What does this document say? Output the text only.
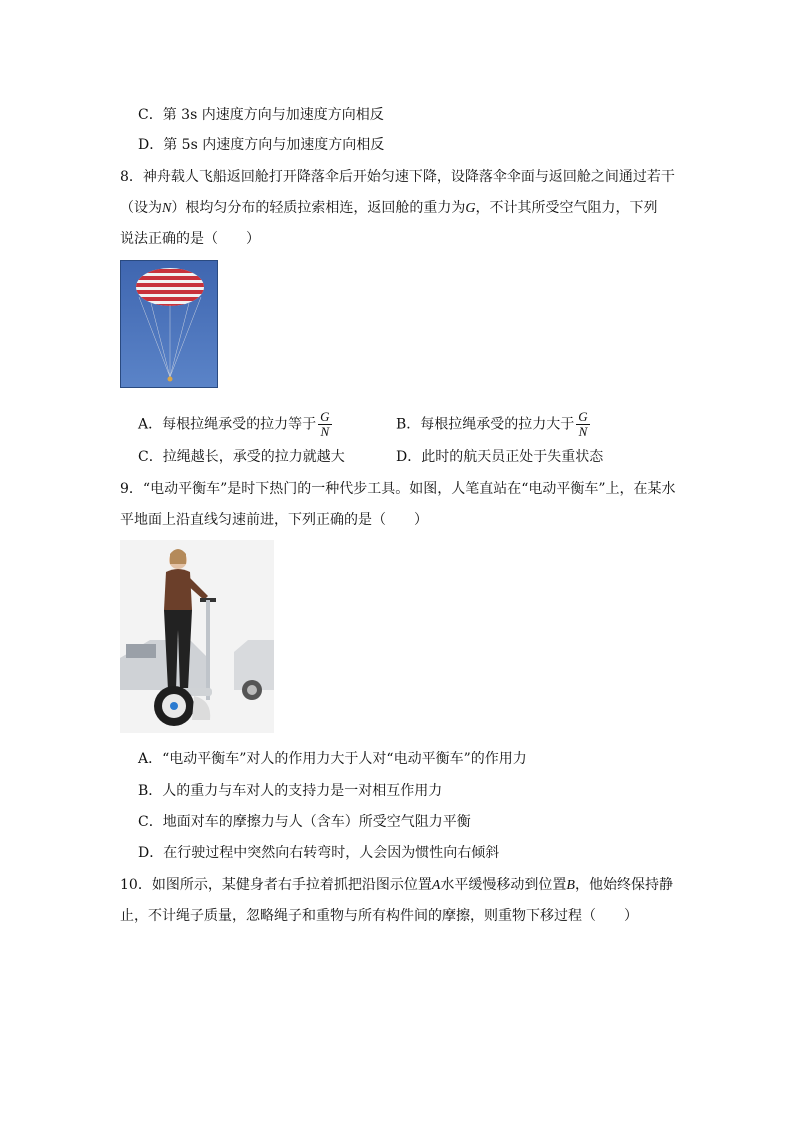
C．第 3s 内速度方向与加速度方向相反
D．第 5s 内速度方向与加速度方向相反
8．神舟载人飞船返回舱打开降落伞后开始匀速下降，设降落伞伞面与返回舱之间通过若干
（设为N）根均匀分布的轻质拉索相连，返回舱的重力为G，不计其所受空气阻力，下列
说法正确的是（　　）
A．每根拉绳承受的拉力等于 $\frac{G}{N}$	B．每根拉绳承受的拉力大于 $\frac{G}{N}$
C．拉绳越长，承受的拉力就越大	D．此时的航天员正处于失重状态
9．“电动平衡车”是时下热门的一种代步工具。如图，人笔直站在“电动平衡车”上，在某水
平地面上沿直线匀速前进，下列正确的是（　　）
A．“电动平衡车”对人的作用力大于人对“电动平衡车”的作用力
B．人的重力与车对人的支持力是一对相互作用力
C．地面对车的摩擦力与人（含车）所受空气阻力平衡
D．在行驶过程中突然向右转弯时，人会因为惯性向右倾斜
10．如图所示，某健身者右手拉着抓把沿图示位置A水平缓慢移动到位置B，他始终保持静
止，不计绳子质量，忽略绳子和重物与所有构件间的摩擦，则重物下移过程（　　）
